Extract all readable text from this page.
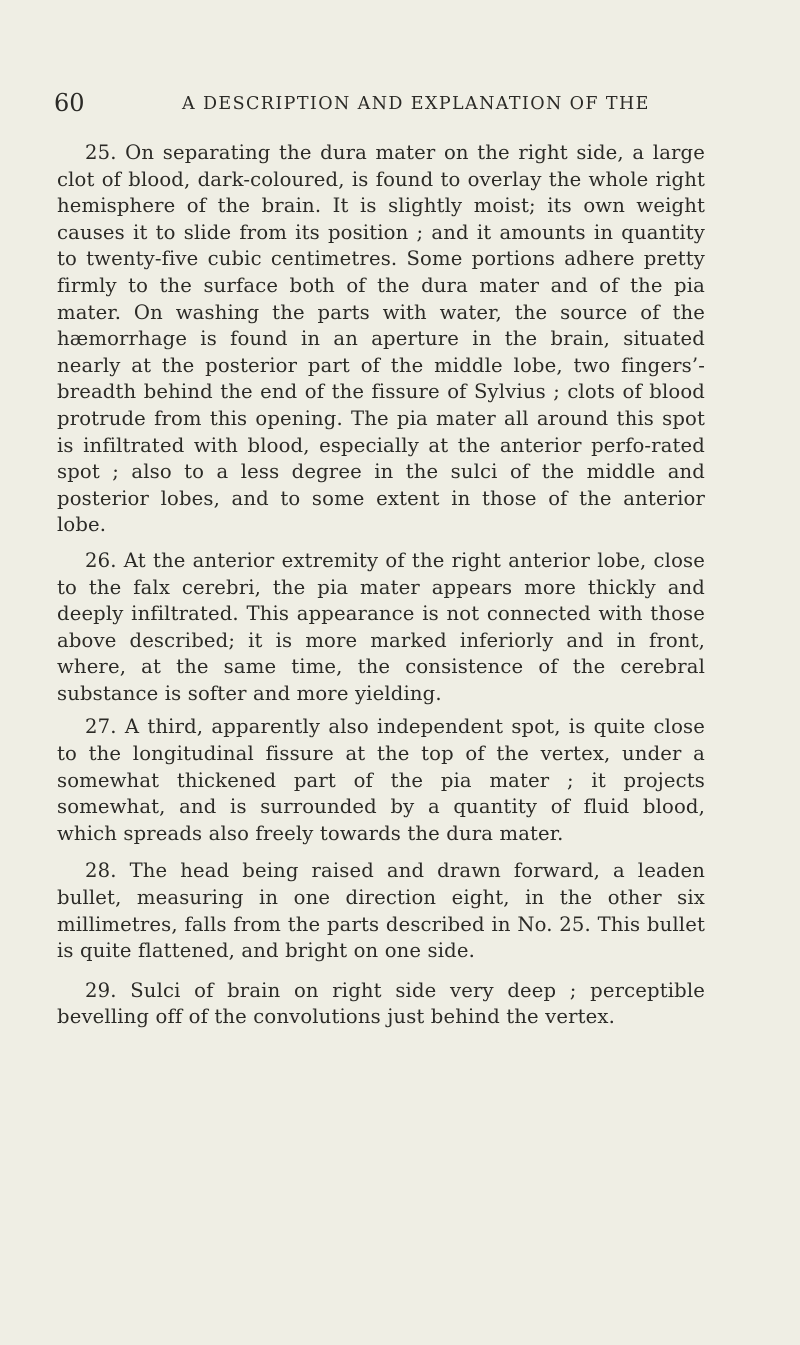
60	A DESCRIPTION AND EXPLANATION OF THE

25. On separating the dura mater on the right side, a large clot of blood, dark-coloured, is found to overlay the whole right hemisphere of the brain. It is slightly moist; its own weight causes it to slide from its position ; and it amounts in quantity to twenty-five cubic centimetres. Some portions adhere pretty firmly to the surface both of the dura mater and of the pia mater. On washing the parts with water, the source of the hæmorrhage is found in an aperture in the brain, situated nearly at the posterior part of the middle lobe, two fingers’-breadth behind the end of the fissure of Sylvius ; clots of blood protrude from this opening. The pia mater all around this spot is infiltrated with blood, especially at the anterior perfo-rated spot ; also to a less degree in the sulci of the middle and posterior lobes, and to some extent in those of the anterior lobe.

26. At the anterior extremity of the right anterior lobe, close to the falx cerebri, the pia mater appears more thickly and deeply infiltrated. This appearance is not connected with those above described; it is more marked inferiorly and in front, where, at the same time, the consistence of the cerebral substance is softer and more yielding.

27. A third, apparently also independent spot, is quite close to the longitudinal fissure at the top of the vertex, under a somewhat thickened part of the pia mater ; it projects somewhat, and is surrounded by a quantity of fluid blood, which spreads also freely towards the dura mater.

28. The head being raised and drawn forward, a leaden bullet, measuring in one direction eight, in the other six millimetres, falls from the parts described in No. 25. This bullet is quite flattened, and bright on one side.

29. Sulci of brain on right side very deep ; perceptible bevelling off of the convolutions just behind the vertex.
